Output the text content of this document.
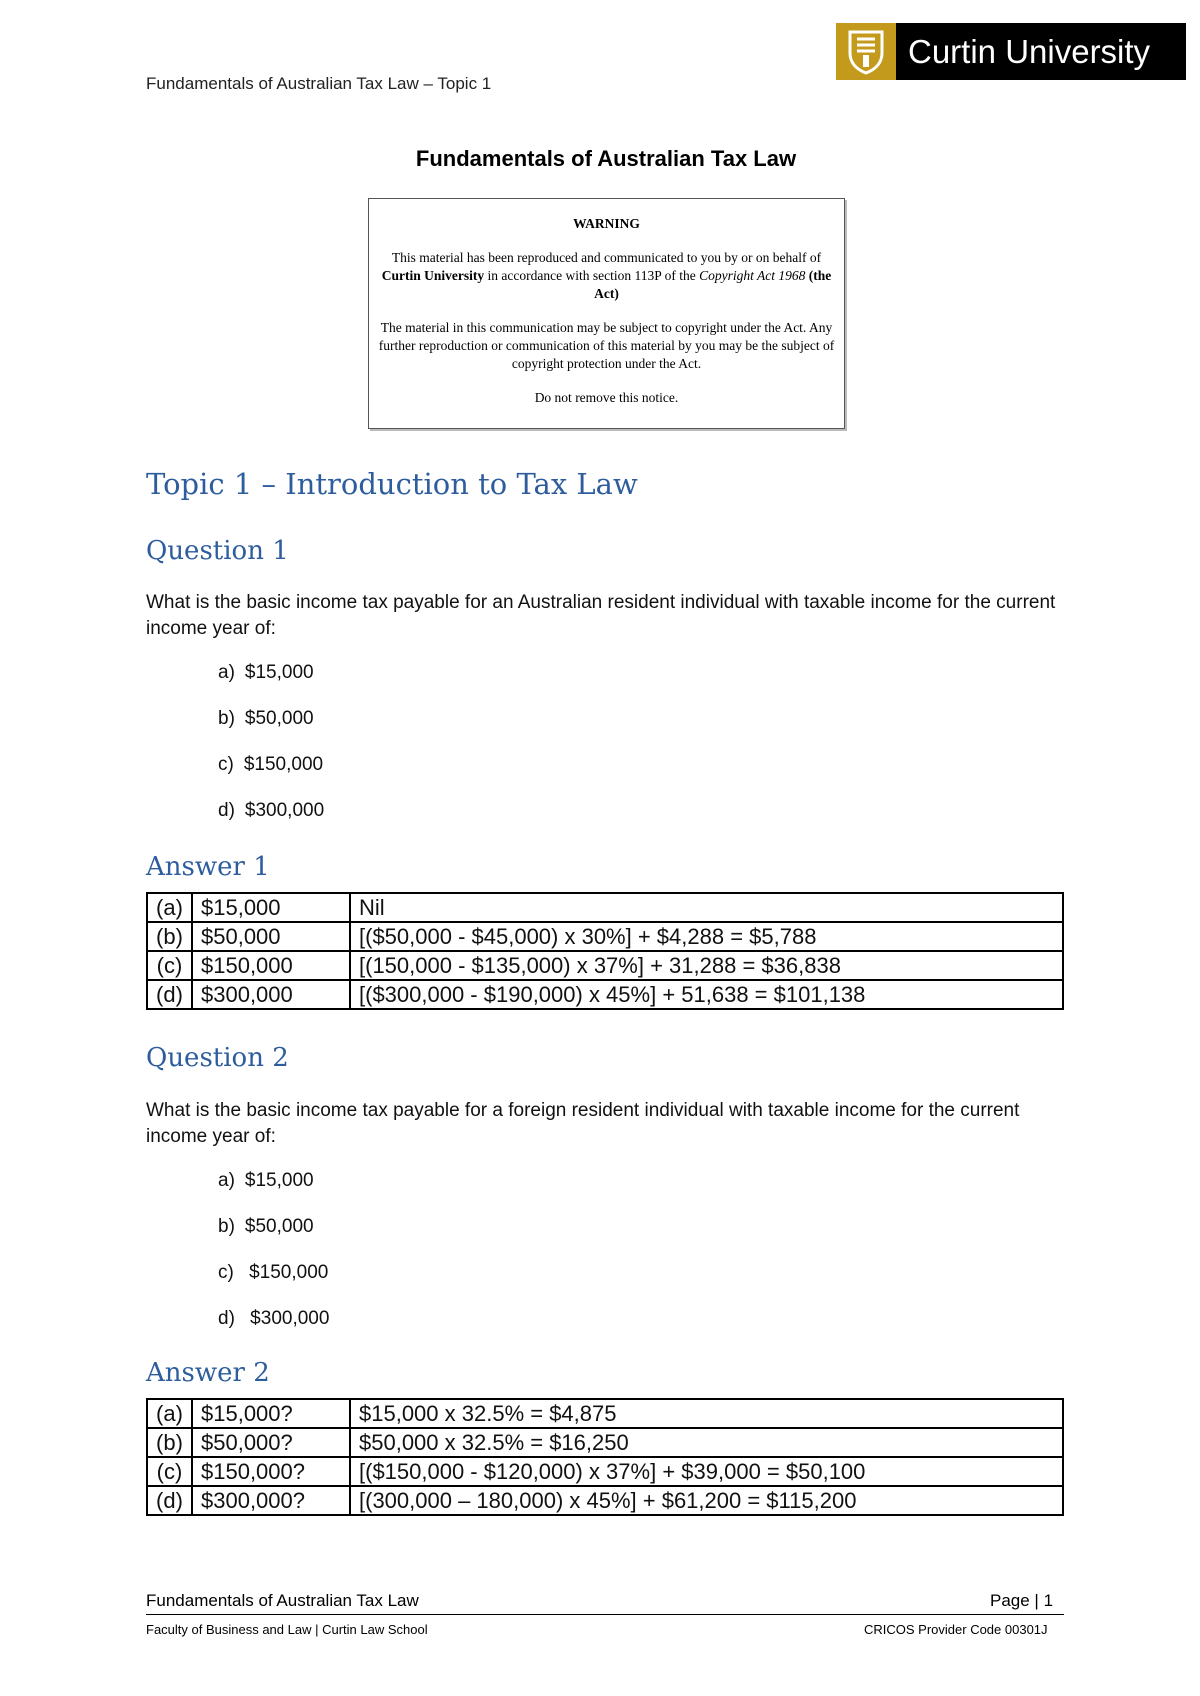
Fundamentals of Australian Tax Law – Topic 1
Curtin University
Fundamentals of Australian Tax Law
WARNING

This material has been reproduced and communicated to you by or on behalf of Curtin University in accordance with section 113P of the Copyright Act 1968 (the Act)

The material in this communication may be subject to copyright under the Act. Any further reproduction or communication of this material by you may be the subject of copyright protection under the Act.

Do not remove this notice.

Topic 1 – Introduction to Tax Law
Question 1
What is the basic income tax payable for an Australian resident individual with taxable income for the current income year of:
a) $15,000
b) $50,000
c) $150,000
d) $300,000
Answer 1
(a)	$15,000	Nil
(b)	$50,000	[($50,000 - $45,000) x 30%] + $4,288 = $5,788
(c)	$150,000	[(150,000 - $135,000) x 37%] + 31,288 = $36,838
(d)	$300,000	[($300,000 - $190,000) x 45%] + 51,638 = $101,138
Question 2
What is the basic income tax payable for a foreign resident individual with taxable income for the current income year of:
a) $15,000
b) $50,000
c) $150,000
d) $300,000
Answer 2
(a)	$15,000?	$15,000 x 32.5% = $4,875
(b)	$50,000?	$50,000 x 32.5% = $16,250
(c)	$150,000?	[($150,000 - $120,000) x 37%] + $39,000 = $50,100
(d)	$300,000?	[(300,000 – 180,000) x 45%] + $61,200 = $115,200
Fundamentals of Australian Tax Law	Page | 1
Faculty of Business and Law | Curtin Law School	CRICOS Provider Code 00301J
